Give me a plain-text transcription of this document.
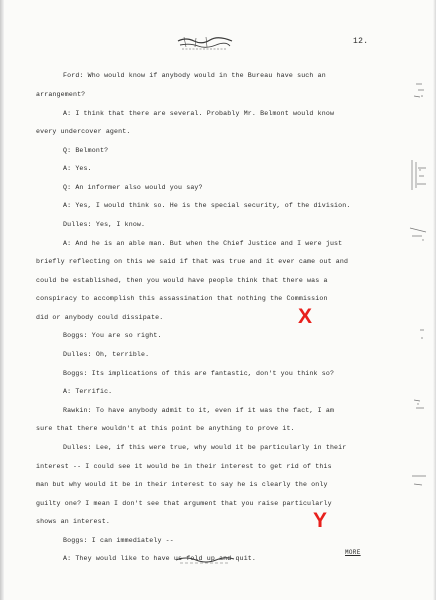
12.
Ford: Who would know if anybody would in the Bureau have such an
arrangement?
A: I think that there are several. Probably Mr. Belmont would know
every undercover agent.
Q: Belmont?
A: Yes.
Q: An informer also would you say?
A: Yes, I would think so. He is the special security, of the division.
Dulles: Yes, I know.
A: And he is an able man. But when the Chief Justice and I were just
briefly reflecting on this we said if that was true and it ever came out and
could be established, then you would have people think that there was a
conspiracy to accomplish this assassination that nothing the Commission
did or anybody could dissipate.
Boggs: You are so right.
Dulles: Oh, terrible.
Boggs: Its implications of this are fantastic, don't you think so?
A: Terrific.
Rawkin: To have anybody admit to it, even if it was the fact, I am
sure that there wouldn't at this point be anything to prove it.
Dulles: Lee, if this were true, why would it be particularly in their
interest -- I could see it would be in their interest to get rid of this
man but why would it be in their interest to say he is clearly the only
guilty one? I mean I don't see that argument that you raise particularly
shows an interest.
Boggs: I can immediately --
A: They would like to have us fold up and quit.
X
Y
MORE
